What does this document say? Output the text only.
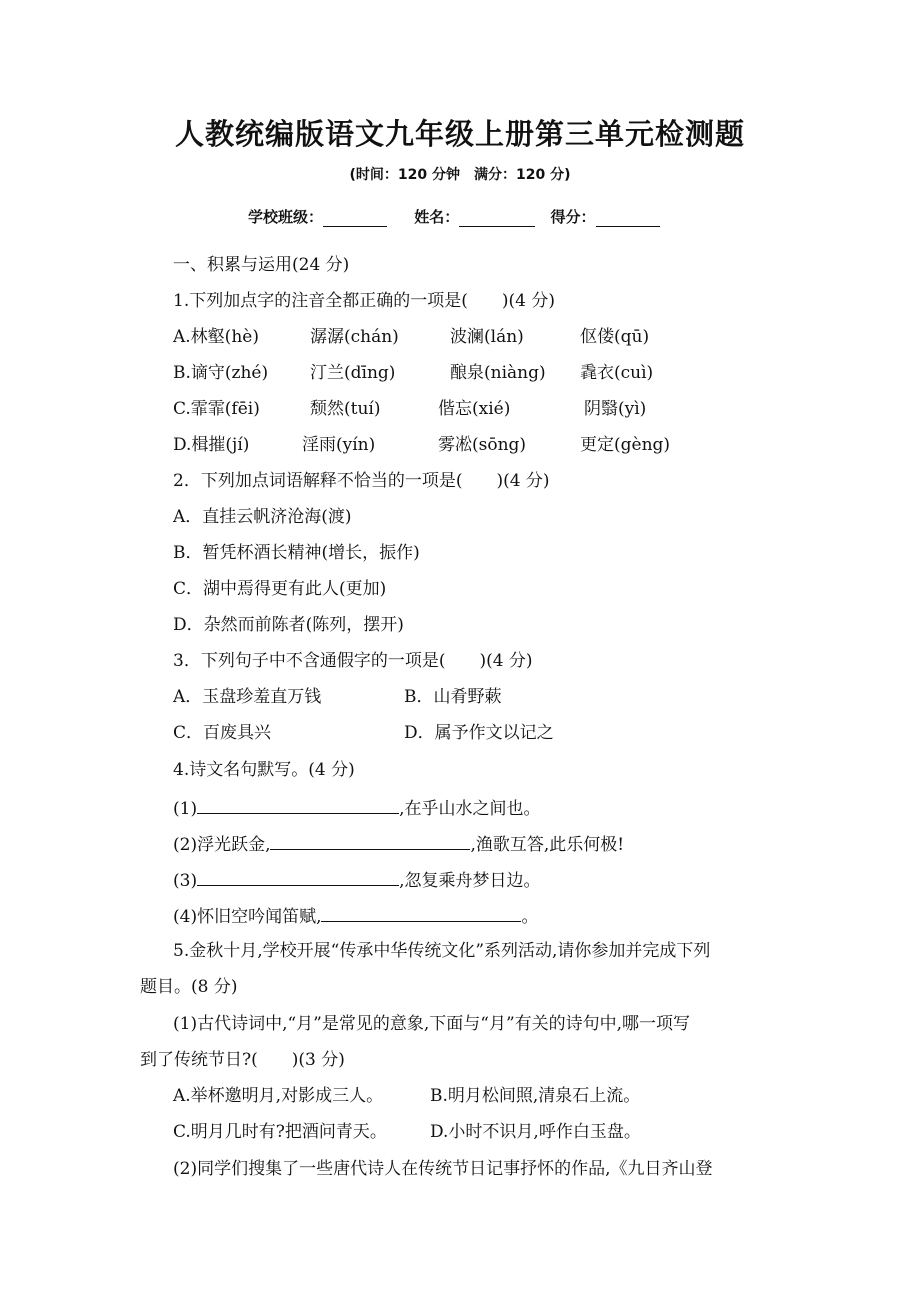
人教统编版语文九年级上册第三单元检测题
(时间：120 分钟　满分：120 分)
学校班级：	姓名：	得分：
一、积累与运用(24 分)
1.下列加点字的注音全都正确的一项是(　　)(4 分)
A.林壑(hè)	潺潺(chán)	波澜(lán)	伛偻(qū)
B.谪守(zhé) 汀兰(dīng)	酿泉(niàng) 毳衣(cuì)
C.霏霏(fēi)	颓然(tuí)	偕忘(xié)	阴翳(yì)
D.楫摧(jí)	淫雨(yín)	雾凇(sōng)	更定(gèng)
2．下列加点词语解释不恰当的一项是(　　)(4 分)
A．直挂云帆济沧海(渡)
B．暂凭杯酒长精神(增长，振作)
C．湖中焉得更有此人(更加)
D．杂然而前陈者(陈列，摆开)
3．下列句子中不含通假字的一项是(　　)(4 分)
A．玉盘珍羞直万钱	B．山肴野蔌
C．百废具兴	D．属予作文以记之
4.诗文名句默写。(4 分)
(1)	,在乎山水之间也。
(2)浮光跃金,	,渔歌互答,此乐何极!
(3)	,忽复乘舟梦日边。
(4)怀旧空吟闻笛赋,	。
5.金秋十月,学校开展“传承中华传统文化”系列活动,请你参加并完成下列
题目。(8 分)
(1)古代诗词中,“月”是常见的意象,下面与“月”有关的诗句中,哪一项写
到了传统节日?(　　)(3 分)
A.举杯邀明月,对影成三人。	B.明月松间照,清泉石上流。
C.明月几时有?把酒问青天。	D.小时不识月,呼作白玉盘。
(2)同学们搜集了一些唐代诗人在传统节日记事抒怀的作品,《九日齐山登
